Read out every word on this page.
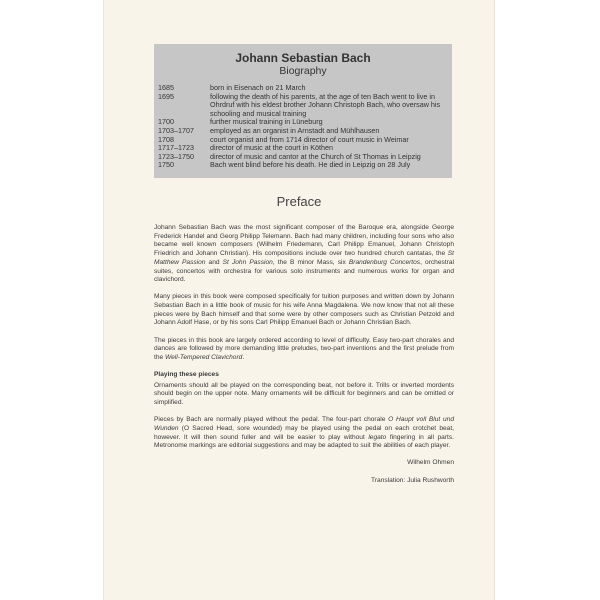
Johann Sebastian Bach
Biography
1685	born in Eisenach on 21 March
1695	following the death of his parents, at the age of ten Bach went to live in Ohrdruf with his eldest brother Johann Christoph Bach, who oversaw his schooling and musical training
1700	further musical training in Lüneburg
1703–1707	employed as an organist in Arnstadt and Mühlhausen
1708	court organist and from 1714 director of court music in Weimar
1717–1723	director of music at the court in Köthen
1723–1750	director of music and cantor at the Church of St Thomas in Leipzig
1750	Bach went blind before his death. He died in Leipzig on 28 July
Preface

Johann Sebastian Bach was the most significant composer of the Baroque era, alongside George Frederick Handel and Georg Philipp Telemann. Bach had many children, including four sons who also became well known composers (Wilhelm Friedemann, Carl Philipp Emanuel, Johann Christoph Friedrich and Johann Christian). His compositions include over two hundred church cantatas, the St Matthew Passion and St John Passion, the B minor Mass, six Brandenburg Concertos, orchestral suites, concertos with orchestra for various solo instruments and numerous works for organ and clavichord.

Many pieces in this book were composed specifically for tuition purposes and written down by Johann Sebastian Bach in a little book of music for his wife Anna Magdalena. We now know that not all these pieces were by Bach himself and that some were by other composers such as Christian Petzold and Johann Adolf Hase, or by his sons Carl Philipp Emanuel Bach or Johann Christian Bach.

The pieces in this book are largely ordered according to level of difficulty. Easy two-part chorales and dances are followed by more demanding little preludes, two-part inventions and the first prelude from the Well-Tempered Clavichord.

Playing these pieces

Ornaments should all be played on the corresponding beat, not before it. Trills or inverted mordents should begin on the upper note. Many ornaments will be difficult for beginners and can be omitted or simplified.

Pieces by Bach are normally played without the pedal. The four-part chorale O Haupt voll Blut und Wunden (O Sacred Head, sore wounded) may be played using the pedal on each crotchet beat, however. It will then sound fuller and will be easier to play without legato fingering in all parts. Metronome markings are editorial suggestions and may be adapted to suit the abilities of each player.

Wilhelm Ohmen

Translation: Julia Rushworth
